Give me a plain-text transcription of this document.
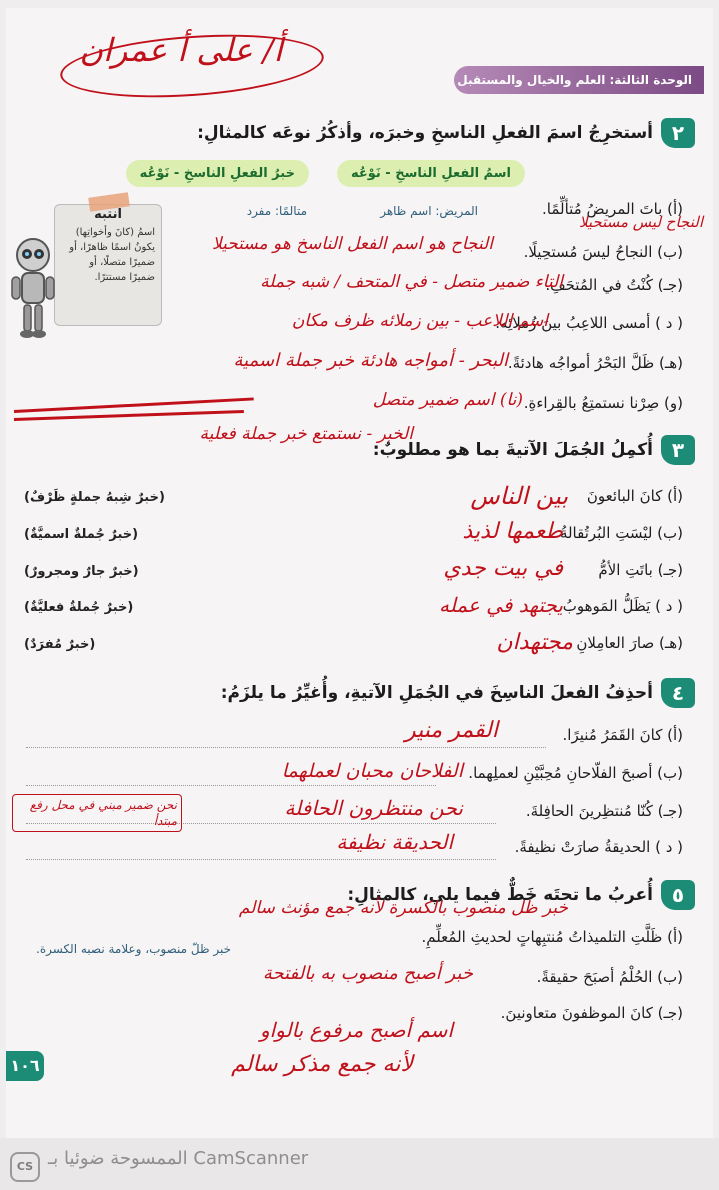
أ/ على أ عمران
الوحدة الثالثة: العلم والخيال والمستقبل
٢
أستخرِجُ اسمَ الفعلِ الناسخِ وخبرَه، وأذكُرُ نوعَه كالمثالِ:
اسمُ الفعلِ الناسخِ - نَوْعُه
خبرُ الفعلِ الناسخِ - نَوْعُه
(أ) باتَ المريضُ مُتألِّمًا.
المريض: اسم ظاهر
متالمًا: مفرد
(ب) النجاحُ ليسَ مُستحِيلًا.
(جـ) كُنْتُ في المُتحَفِ.
( د ) أمسى اللاعِبُ بينَ زُملائِه.
(هـ) ظَلَّ البَحْرُ أمواجُه هادئةً.
(و) صِرْنا نستمتِعُ بالقِراءةِ.
النجاح ليس مستحيلا
النجاح هو اسم الفعل الناسخ هو مستحيلا
التاء ضمير متصل - في المتحف / شبه جملة
اسم اللاعب - بين زملائه ظرف مكان
البحر - أمواجه هادئة خبر جملة اسمية
(نا) اسم ضمير متصل
الخبر - نستمتع خبر جملة فعلية
انتبه
اسمُ (كانَ وأخواتِها) يكونُ اسمًا ظاهرًا، أو ضميرًا متصلًا، أو ضميرًا مستترًا.
٣
أُكمِلُ الجُمَلَ الآتيةَ بما هو مطلوبٌ:
(أ) كانَ البائعونَ
(ب) ليْسَتِ البُرتُقالةُ
(جـ) باتَتِ الأمُّ
( د ) يَظَلُّ المَوهوبُ
(هـ) صارَ العامِلانِ
(خبرٌ شِبهُ جملةٍ ظَرْفٌ)
(خبرٌ جُملةٌ اسميَّةٌ)
(خبرٌ جارٌ ومجرورٌ)
(خبرٌ جُملةٌ فعليَّةٌ)
(خبرٌ مُفرَدٌ)
بين الناس
طعمها لذيذ
في بيت جدي
يجتهد في عمله
مجتهدان
٤
أحذِفُ الفعلَ الناسِخَ في الجُمَلِ الآتيةِ، وأُغيِّرُ ما يلزَمُ:
(أ) كانَ القَمَرُ مُنيرًا.
(ب) أصبحَ الفلّاحانِ مُحِبَّيْنِ لعملِهما.
(جـ) كُنّا مُنتظِرينَ الحافِلةَ.
( د ) الحديقةُ صارَتْ نظيفةً.
القمر منير
الفلاحان محبان لعملهما
نحن منتظرون الحافلة
الحديقة نظيفة
نحن ضمير مبني في محل رفع مبتدأ
٥
أُعربُ ما تحتَه خَطٌّ فيما يلي، كالمثالِ:
(أ) ظَلَّتِ التلميذاتُ مُنتبِهاتٍ لحديثِ المُعلِّمِ.
خبر ظلّ منصوب، وعلامة نصبه الكسرة.
(ب) الحُلْمُ أصبَحَ حقيقةً.
(جـ) كانَ الموظفونَ متعاونينَ.
خبر ظل منصوب بالكسرة لأنه جمع مؤنث سالم
خبر أصبح منصوب به بالفتحة
اسم أصبح مرفوع بالواو
لأنه جمع مذكر سالم
١٠٦
CS الممسوحة ضوئيا بـ CamScanner
